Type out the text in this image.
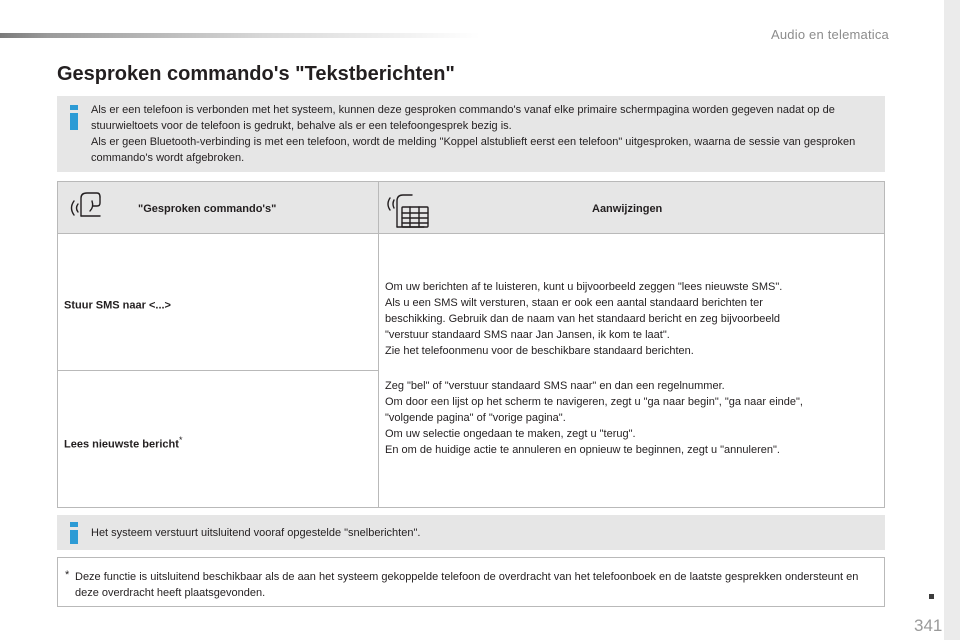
Audio en telematica
Gesproken commando's "Tekstberichten"
Als er een telefoon is verbonden met het systeem, kunnen deze gesproken commando's vanaf elke primaire schermpagina worden gegeven nadat op de stuurwieltoets voor de telefoon is gedrukt, behalve als er een telefoongesprek bezig is.
Als er geen Bluetooth-verbinding is met een telefoon, wordt de melding "Koppel alstublieft eerst een telefoon" uitgesproken, waarna de sessie van gesproken commando's wordt afgebroken.
"Gesproken commando's"	Aanwijzingen
Stuur SMS naar <...>
Lees nieuwste bericht*
Om uw berichten af te luisteren, kunt u bijvoorbeeld zeggen "lees nieuwste SMS".
Als u een SMS wilt versturen, staan er ook een aantal standaard berichten ter
beschikking. Gebruik dan de naam van het standaard bericht en zeg bijvoorbeeld
"verstuur standaard SMS naar Jan Jansen, ik kom te laat".
Zie het telefoonmenu voor de beschikbare standaard berichten.
Zeg "bel" of "verstuur standaard SMS naar" en dan een regelnummer.
Om door een lijst op het scherm te navigeren, zegt u "ga naar begin", "ga naar einde",
"volgende pagina" of "vorige pagina".
Om uw selectie ongedaan te maken, zegt u "terug".
En om de huidige actie te annuleren en opnieuw te beginnen, zegt u "annuleren".
Het systeem verstuurt uitsluitend vooraf opgestelde "snelberichten".
* Deze functie is uitsluitend beschikbaar als de aan het systeem gekoppelde telefoon de overdracht van het telefoonboek en de laatste gesprekken ondersteunt en deze overdracht heeft plaatsgevonden.
341
